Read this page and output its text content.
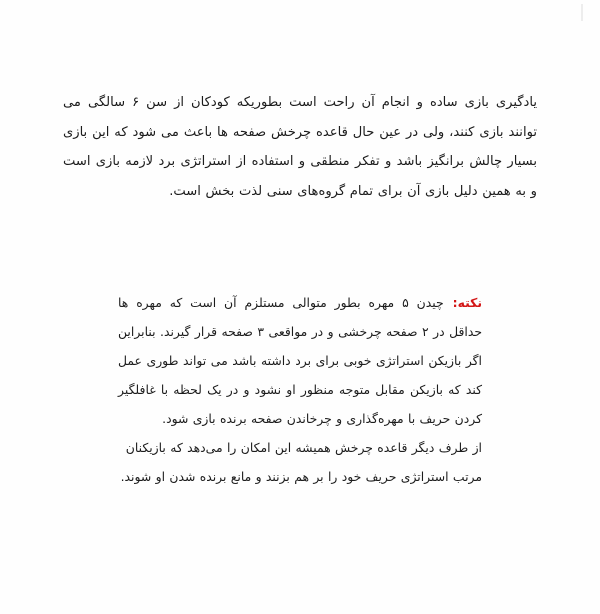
یادگیری بازی ساده و انجام آن راحت است بطوریکه کودکان از سن ۶ سالگی می توانند بازی کنند، ولی در عین حال قاعده چرخش صفحه ها باعث می شود که این بازی بسیار چالش برانگیز باشد و تفکر منطقی و استفاده از استراتژی برد لازمه بازی است و به همین دلیل بازی آن برای تمام گروه‌های سنی لذت بخش است.

نکته:چیدن ۵ مهره بطور متوالی مستلزم آن است که مهره ها حداقل در ۲ صفحه چرخشی و در مواقعی ۳ صفحه قرار گیرند. بنابراین اگر بازیکن استراتژی خوبی برای برد داشته باشد می تواند طوری عمل کند که بازیکن مقابل متوجه منظور او نشود و در یک لحظه با غافلگیر کردن حریف با مهره‌گذاری و چرخاندن صفحه برنده بازی شود.

از طرف دیگر قاعده چرخش همیشه این امکان را می‌دهد که بازیکنان مرتب استراتژی حریف خود را بر هم بزنند و مانع برنده شدن او شوند.
